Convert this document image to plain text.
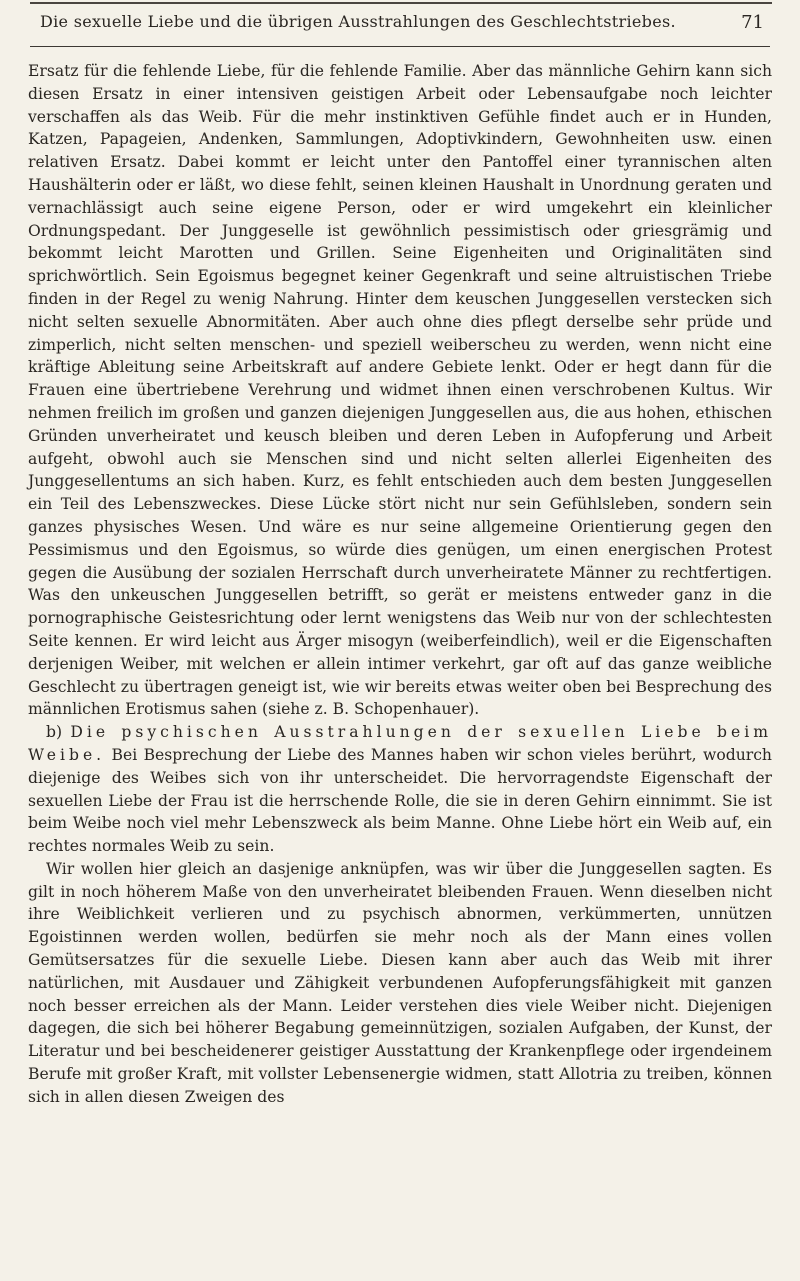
Die sexuelle Liebe und die übrigen Ausstrahlungen des Geschlechtstriebes.	71

Ersatz für die fehlende Liebe, für die fehlende Familie. Aber das männliche Gehirn kann sich diesen Ersatz in einer intensiven geistigen Arbeit oder Lebensaufgabe noch leichter verschaffen als das Weib. Für die mehr instinktiven Gefühle findet auch er in Hunden, Katzen, Papageien, Andenken, Sammlungen, Adoptivkindern, Gewohnheiten usw. einen relativen Ersatz. Dabei kommt er leicht unter den Pantoffel einer tyrannischen alten Haushälterin oder er läßt, wo diese fehlt, seinen kleinen Haushalt in Unordnung geraten und vernachlässigt auch seine eigene Person, oder er wird umgekehrt ein kleinlicher Ordnungspedant. Der Junggeselle ist gewöhnlich pessimistisch oder griesgrämig und bekommt leicht Marotten und Grillen. Seine Eigenheiten und Originalitäten sind sprichwörtlich. Sein Egoismus begegnet keiner Gegenkraft und seine altruistischen Triebe finden in der Regel zu wenig Nahrung. Hinter dem keuschen Junggesellen verstecken sich nicht selten sexuelle Abnormitäten. Aber auch ohne dies pflegt derselbe sehr prüde und zimperlich, nicht selten menschen- und speziell weiberscheu zu werden, wenn nicht eine kräftige Ableitung seine Arbeitskraft auf andere Gebiete lenkt. Oder er hegt dann für die Frauen eine übertriebene Verehrung und widmet ihnen einen verschrobenen Kultus. Wir nehmen freilich im großen und ganzen diejenigen Junggesellen aus, die aus hohen, ethischen Gründen unverheiratet und keusch bleiben und deren Leben in Aufopferung und Arbeit aufgeht, obwohl auch sie Menschen sind und nicht selten allerlei Eigenheiten des Junggesellentums an sich haben. Kurz, es fehlt entschieden auch dem besten Junggesellen ein Teil des Lebenszweckes. Diese Lücke stört nicht nur sein Gefühlsleben, sondern sein ganzes physisches Wesen. Und wäre es nur seine allgemeine Orientierung gegen den Pessimismus und den Egoismus, so würde dies genügen, um einen energischen Protest gegen die Ausübung der sozialen Herrschaft durch unverheiratete Männer zu rechtfertigen. Was den unkeuschen Junggesellen betrifft, so gerät er meistens entweder ganz in die pornographische Geistesrichtung oder lernt wenigstens das Weib nur von der schlechtesten Seite kennen. Er wird leicht aus Ärger misogyn (weiberfeindlich), weil er die Eigenschaften derjenigen Weiber, mit welchen er allein intimer verkehrt, gar oft auf das ganze weibliche Geschlecht zu übertragen geneigt ist, wie wir bereits etwas weiter oben bei Besprechung des männlichen Erotismus sahen (siehe z. B. Schopenhauer).

b) Die psychischen Ausstrahlungen der sexuellen Liebe beim Weibe. Bei Besprechung der Liebe des Mannes haben wir schon vieles berührt, wodurch diejenige des Weibes sich von ihr unterscheidet. Die hervorragendste Eigenschaft der sexuellen Liebe der Frau ist die herrschende Rolle, die sie in deren Gehirn einnimmt. Sie ist beim Weibe noch viel mehr Lebenszweck als beim Manne. Ohne Liebe hört ein Weib auf, ein rechtes normales Weib zu sein.

Wir wollen hier gleich an dasjenige anknüpfen, was wir über die Junggesellen sagten. Es gilt in noch höherem Maße von den unverheiratet bleibenden Frauen. Wenn dieselben nicht ihre Weiblichkeit verlieren und zu psychisch abnormen, verkümmerten, unnützen Egoistinnen werden wollen, bedürfen sie mehr noch als der Mann eines vollen Gemütsersatzes für die sexuelle Liebe. Diesen kann aber auch das Weib mit ihrer natürlichen, mit Ausdauer und Zähigkeit verbundenen Aufopferungsfähigkeit mit ganzen noch besser erreichen als der Mann. Leider verstehen dies viele Weiber nicht. Diejenigen dagegen, die sich bei höherer Begabung gemeinnützigen, sozialen Aufgaben, der Kunst, der Literatur und bei bescheidenerer geistiger Ausstattung der Krankenpflege oder irgendeinem Berufe mit großer Kraft, mit vollster Lebensenergie widmen, statt Allotria zu treiben, können sich in allen diesen Zweigen des
